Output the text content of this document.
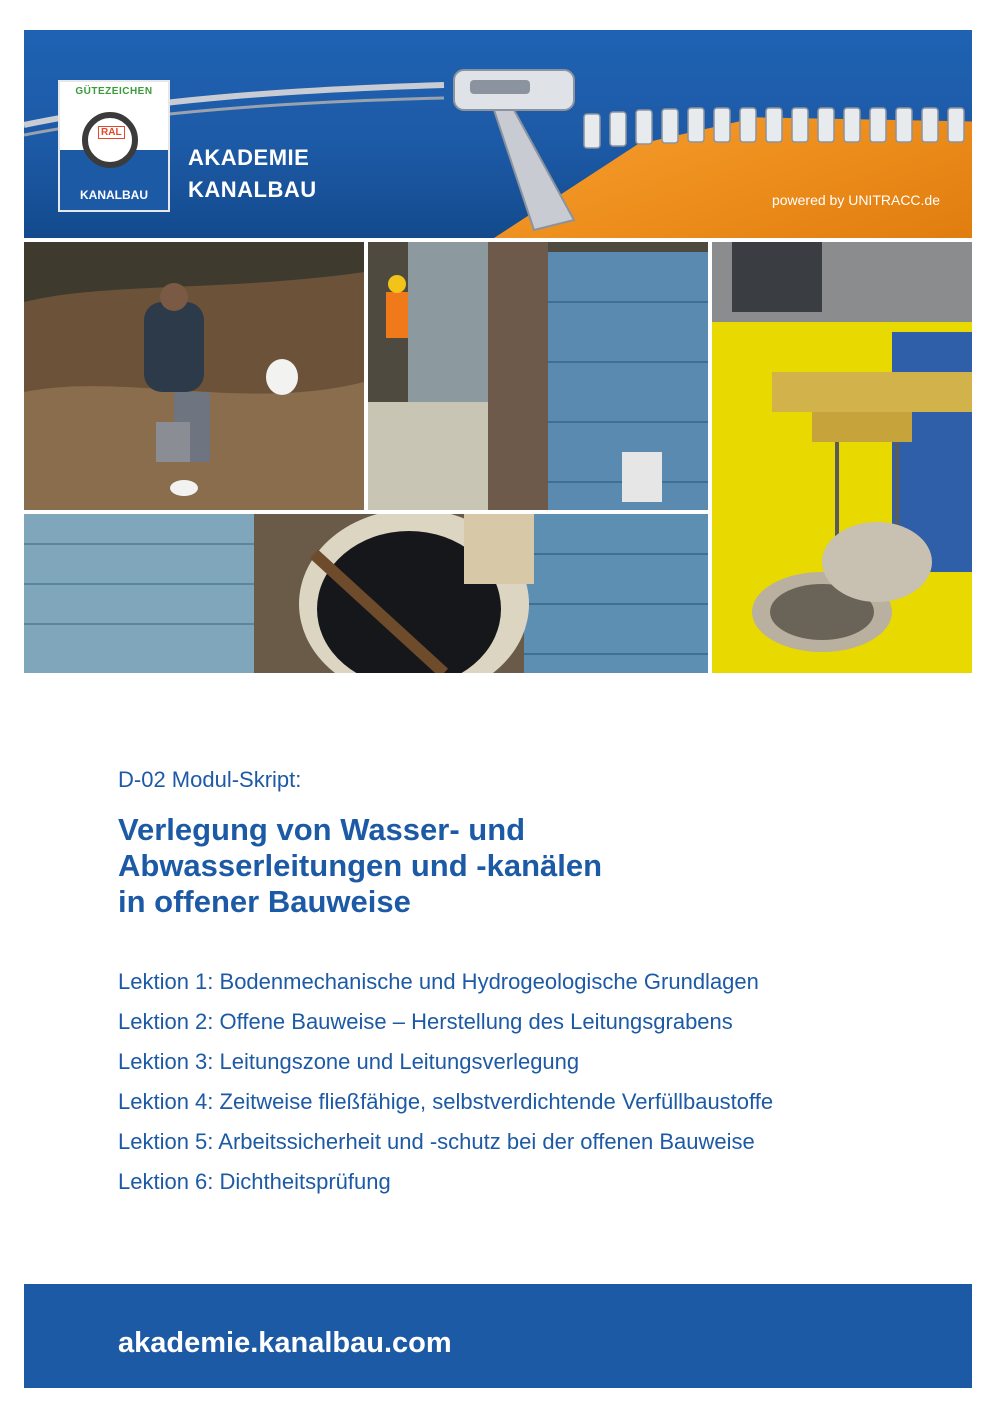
GÜTEZEICHEN
RAL
KANALBAU
AKADEMIE
KANALBAU	powered by UNITRACC.de
D-02 Modul-Skript:
Verlegung von Wasser- und
Abwasserleitungen und -kanälen
in offener Bauweise
Lektion 1: Bodenmechanische und Hydrogeologische Grundlagen
Lektion 2: Offene Bauweise – Herstellung des Leitungsgrabens
Lektion 3: Leitungszone und Leitungsverlegung
Lektion 4: Zeitweise fließfähige, selbstverdichtende Verfüllbaustoffe
Lektion 5: Arbeitssicherheit und -schutz bei der offenen Bauweise
Lektion 6: Dichtheitsprüfung
akademie.kanalbau.com
